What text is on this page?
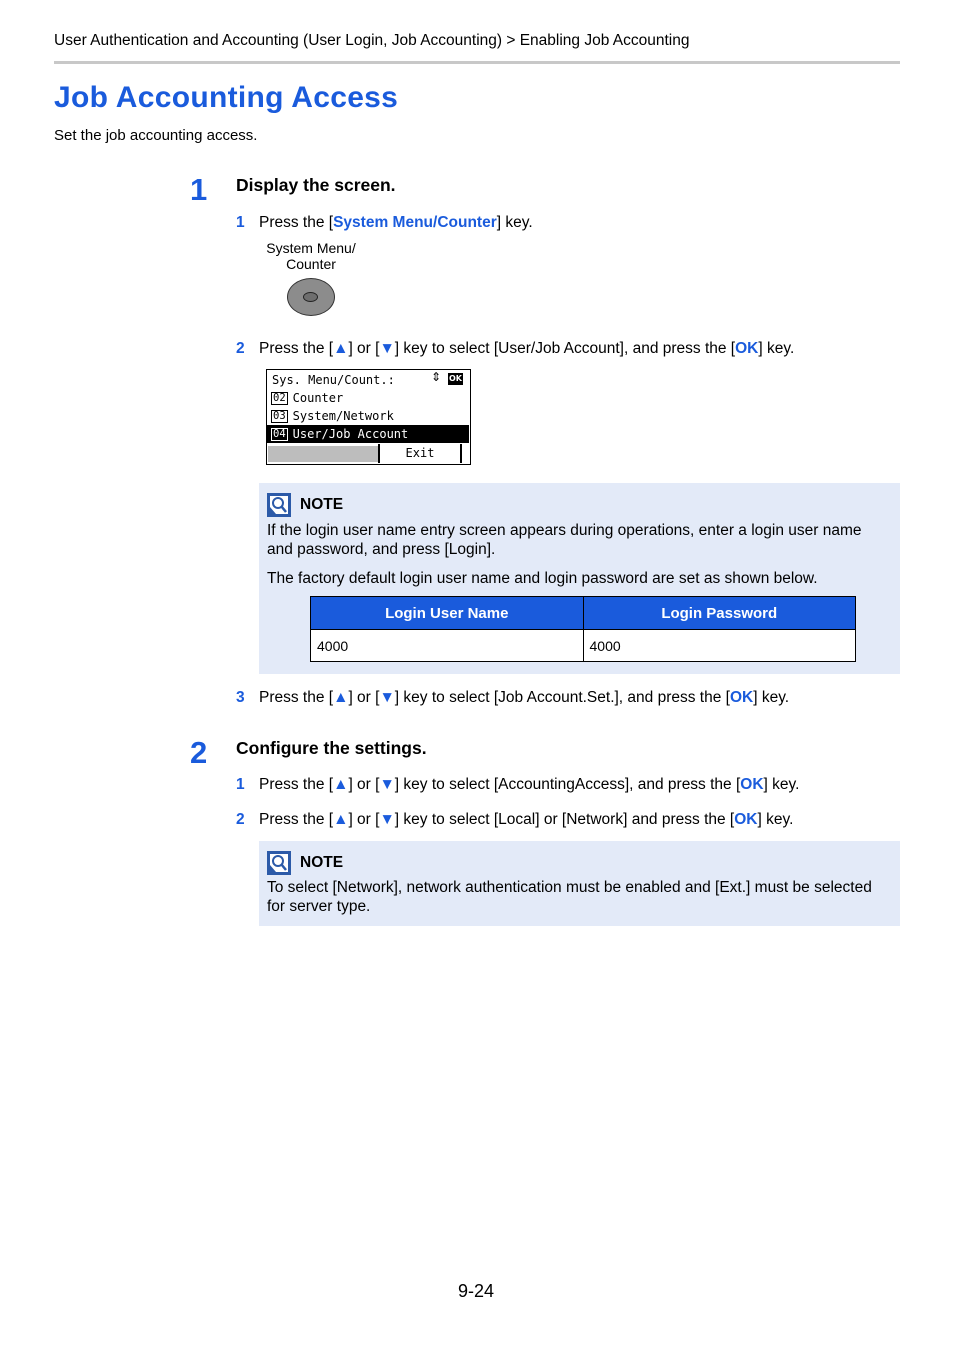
User Authentication and Accounting (User Login, Job Accounting) > Enabling Job Accounting
Job Accounting Access
Set the job accounting access.
1 Display the screen.
1 Press the [System Menu/Counter] key.
System Menu/
Counter
2 Press the [▲] or [▼] key to select [User/Job Account], and press the [OK] key.
Sys. Menu/Count.:	⇕ OK
02 Counter
03 System/Network
04 User/Job Account
Exit
NOTE
If the login user name entry screen appears during operations, enter a login user name
and password, and press [Login].
The factory default login user name and login password are set as shown below.
Login User Name	Login Password
4000	4000
3 Press the [▲] or [▼] key to select [Job Account.Set.], and press the [OK] key.
2 Configure the settings.
1 Press the [▲] or [▼] key to select [AccountingAccess], and press the [OK] key.
2 Press the [▲] or [▼] key to select [Local] or [Network] and press the [OK] key.
NOTE
To select [Network], network authentication must be enabled and [Ext.] must be selected
for server type.
9-24
